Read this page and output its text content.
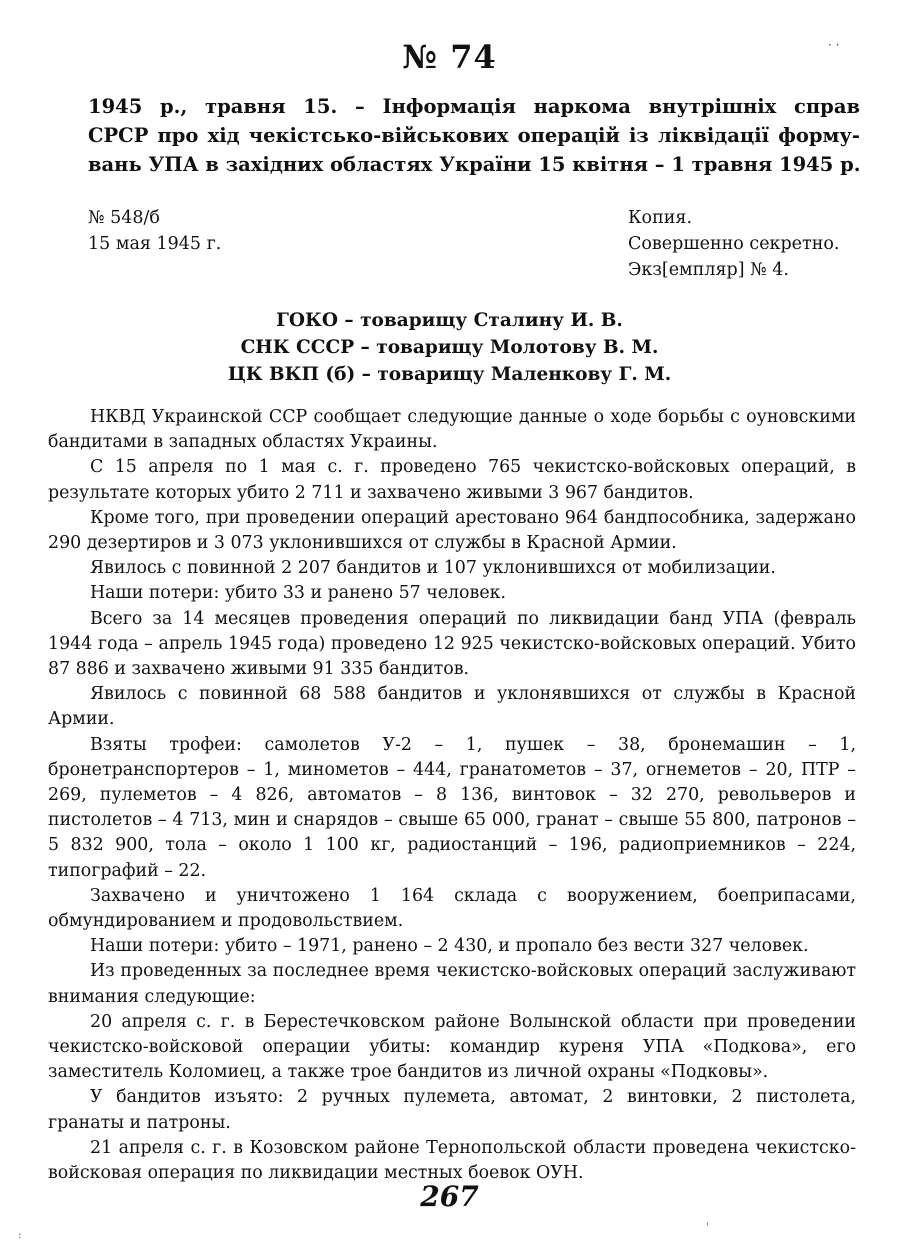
№ 74	· ·
1945 р., травня 15. – Інформація наркома внутрішніх справ
СРСР про хід чекістсько-військових операцій із ліквідації форму-
вань УПА в західних областях України 15 квітня – 1 травня 1945 р.
№ 548/б
15 мая 1945 г.
Копия.
Совершенно секретно.
Экз[емпляр] № 4.
ГОКО – товарищу Сталину И. В.
СНК СССР – товарищу Молотову В. М.
ЦК ВКП (б) – товарищу Маленкову Г. М.

НКВД Украинской ССР сообщает следующие данные о ходе борьбы с оуновскими бандитами в западных областях Украины.

С 15 апреля по 1 мая с. г. проведено 765 чекистско-войсковых операций, в результате которых убито 2 711 и захвачено живыми 3 967 бандитов.

Кроме того, при проведении операций арестовано 964 бандпособника, задержано 290 дезертиров и 3 073 уклонившихся от службы в Красной Армии.

Явилось с повинной 2 207 бандитов и 107 уклонившихся от мобилизации.

Наши потери: убито 33 и ранено 57 человек.

Всего за 14 месяцев проведения операций по ликвидации банд УПА (февраль 1944 года – апрель 1945 года) проведено 12 925 чекистско-войсковых операций. Убито 87 886 и захвачено живыми 91 335 бандитов.

Явилось с повинной 68 588 бандитов и уклонявшихся от службы в Красной Армии.

Взяты трофеи: самолетов У-2 – 1, пушек – 38, бронемашин – 1, бронетранспортеров – 1, минометов – 444, гранатометов – 37, огнеметов – 20, ПТР – 269, пулеметов – 4 826, автоматов – 8 136, винтовок – 32 270, револьверов и пистолетов – 4 713, мин и снарядов – свыше 65 000, гранат – свыше 55 800, патронов – 5 832 900, тола – около 1 100 кг, радиостанций – 196, радиоприемников – 224, типографий – 22.

Захвачено и уничтожено 1 164 склада с вооружением, боеприпасами, обмундированием и продовольствием.

Наши потери: убито – 1971, ранено – 2 430, и пропало без вести 327 человек.

Из проведенных за последнее время чекистско-войсковых операций заслуживают внимания следующие:

20 апреля с. г. в Берестечковском районе Волынской области при проведении чекистско-войсковой операции убиты: командир куреня УПА «Подкова», его заместитель Коломиец, а также трое бандитов из личной охраны «Подковы».

У бандитов изъято: 2 ручных пулемета, автомат, 2 винтовки, 2 пистолета, гранаты и патроны.

21 апреля с. г. в Козовском районе Тернопольской области проведена чекистско-войсковая операция по ликвидации местных боевок ОУН.

267
'
:
